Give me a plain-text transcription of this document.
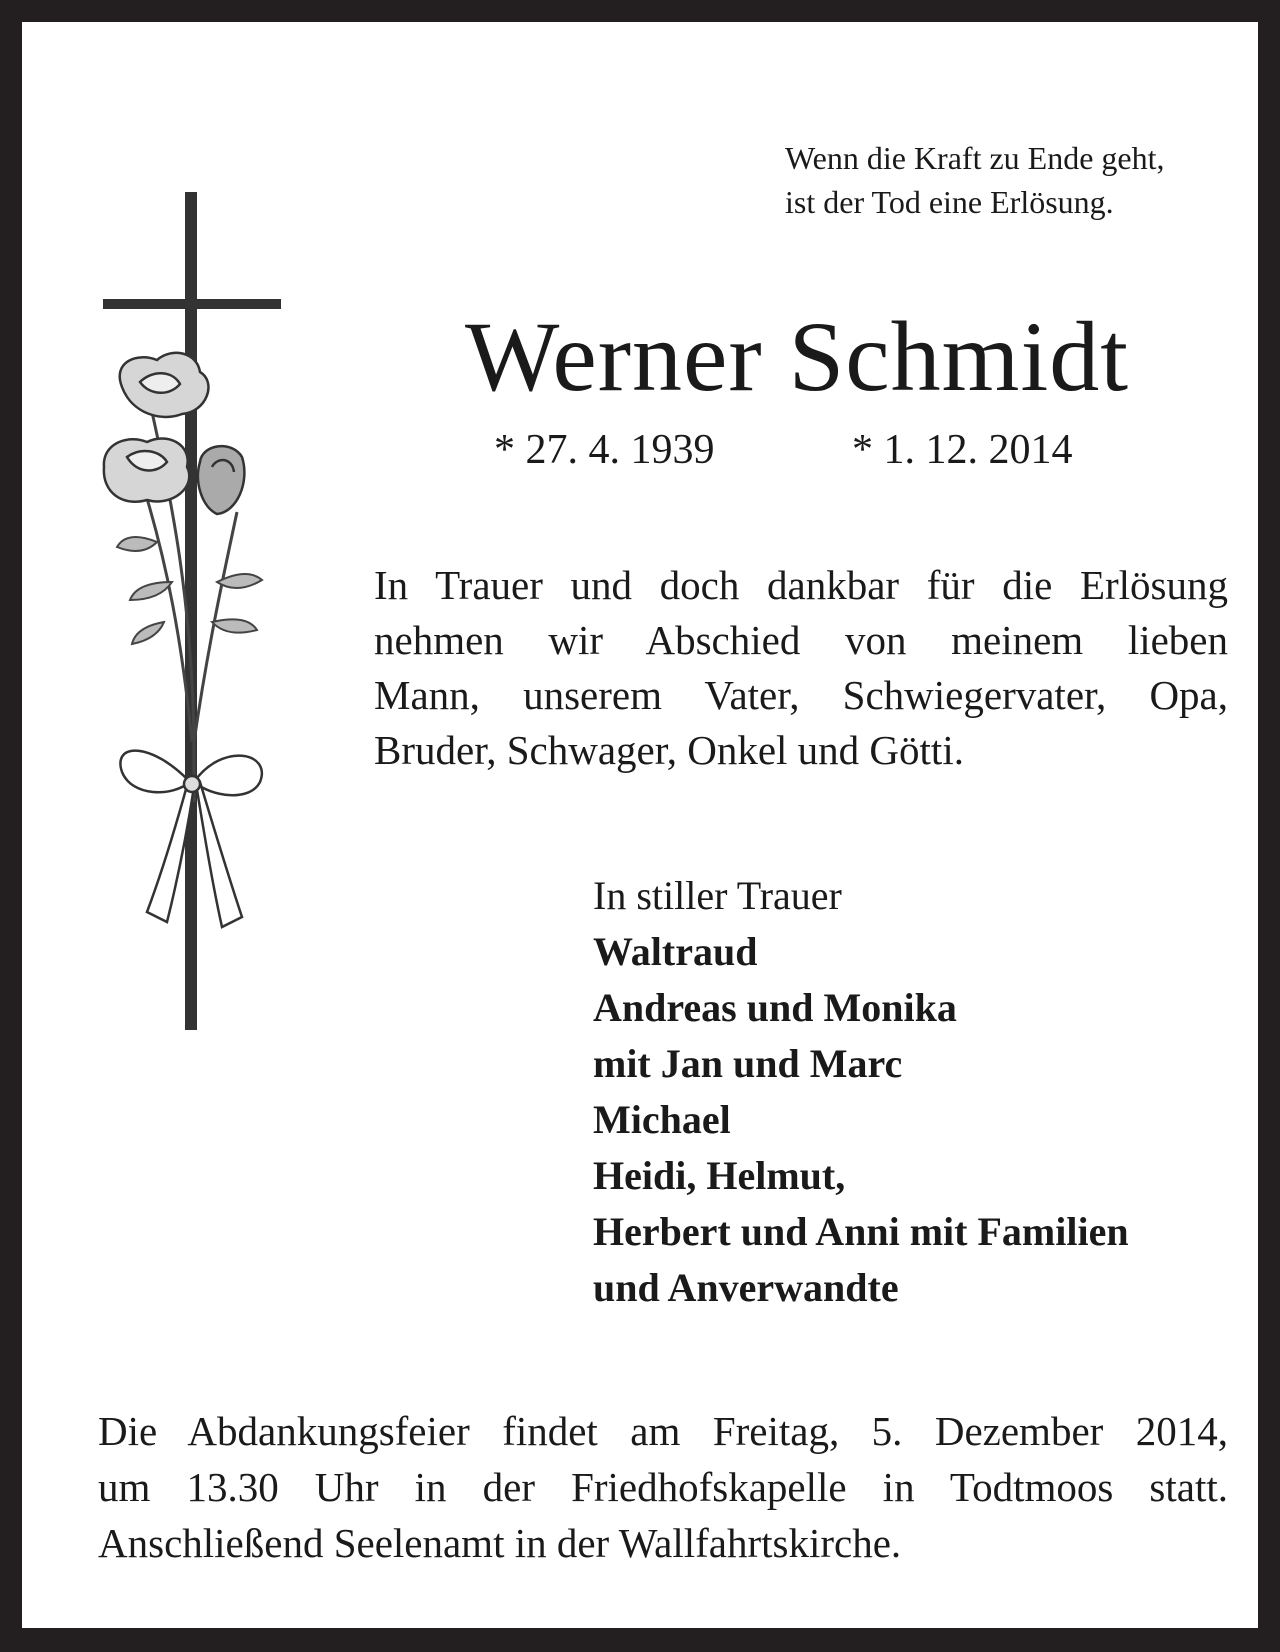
Wenn die Kraft zu Ende geht,
ist der Tod eine Erlösung.
Werner Schmidt
* 27. 4. 1939	* 1. 12. 2014
In Trauer und doch dankbar für die Erlösung
nehmen wir Abschied von meinem lieben
Mann, unserem Vater, Schwiegervater, Opa,
Bruder, Schwager, Onkel und Götti.
In stiller Trauer
Waltraud
Andreas und Monika
mit Jan und Marc
Michael
Heidi, Helmut,
Herbert und Anni mit Familien
und Anverwandte
Die Abdankungsfeier findet am Freitag, 5. Dezember 2014,
um 13.30 Uhr in der Friedhofskapelle in Todtmoos statt.
Anschließend Seelenamt in der Wallfahrtskirche.
